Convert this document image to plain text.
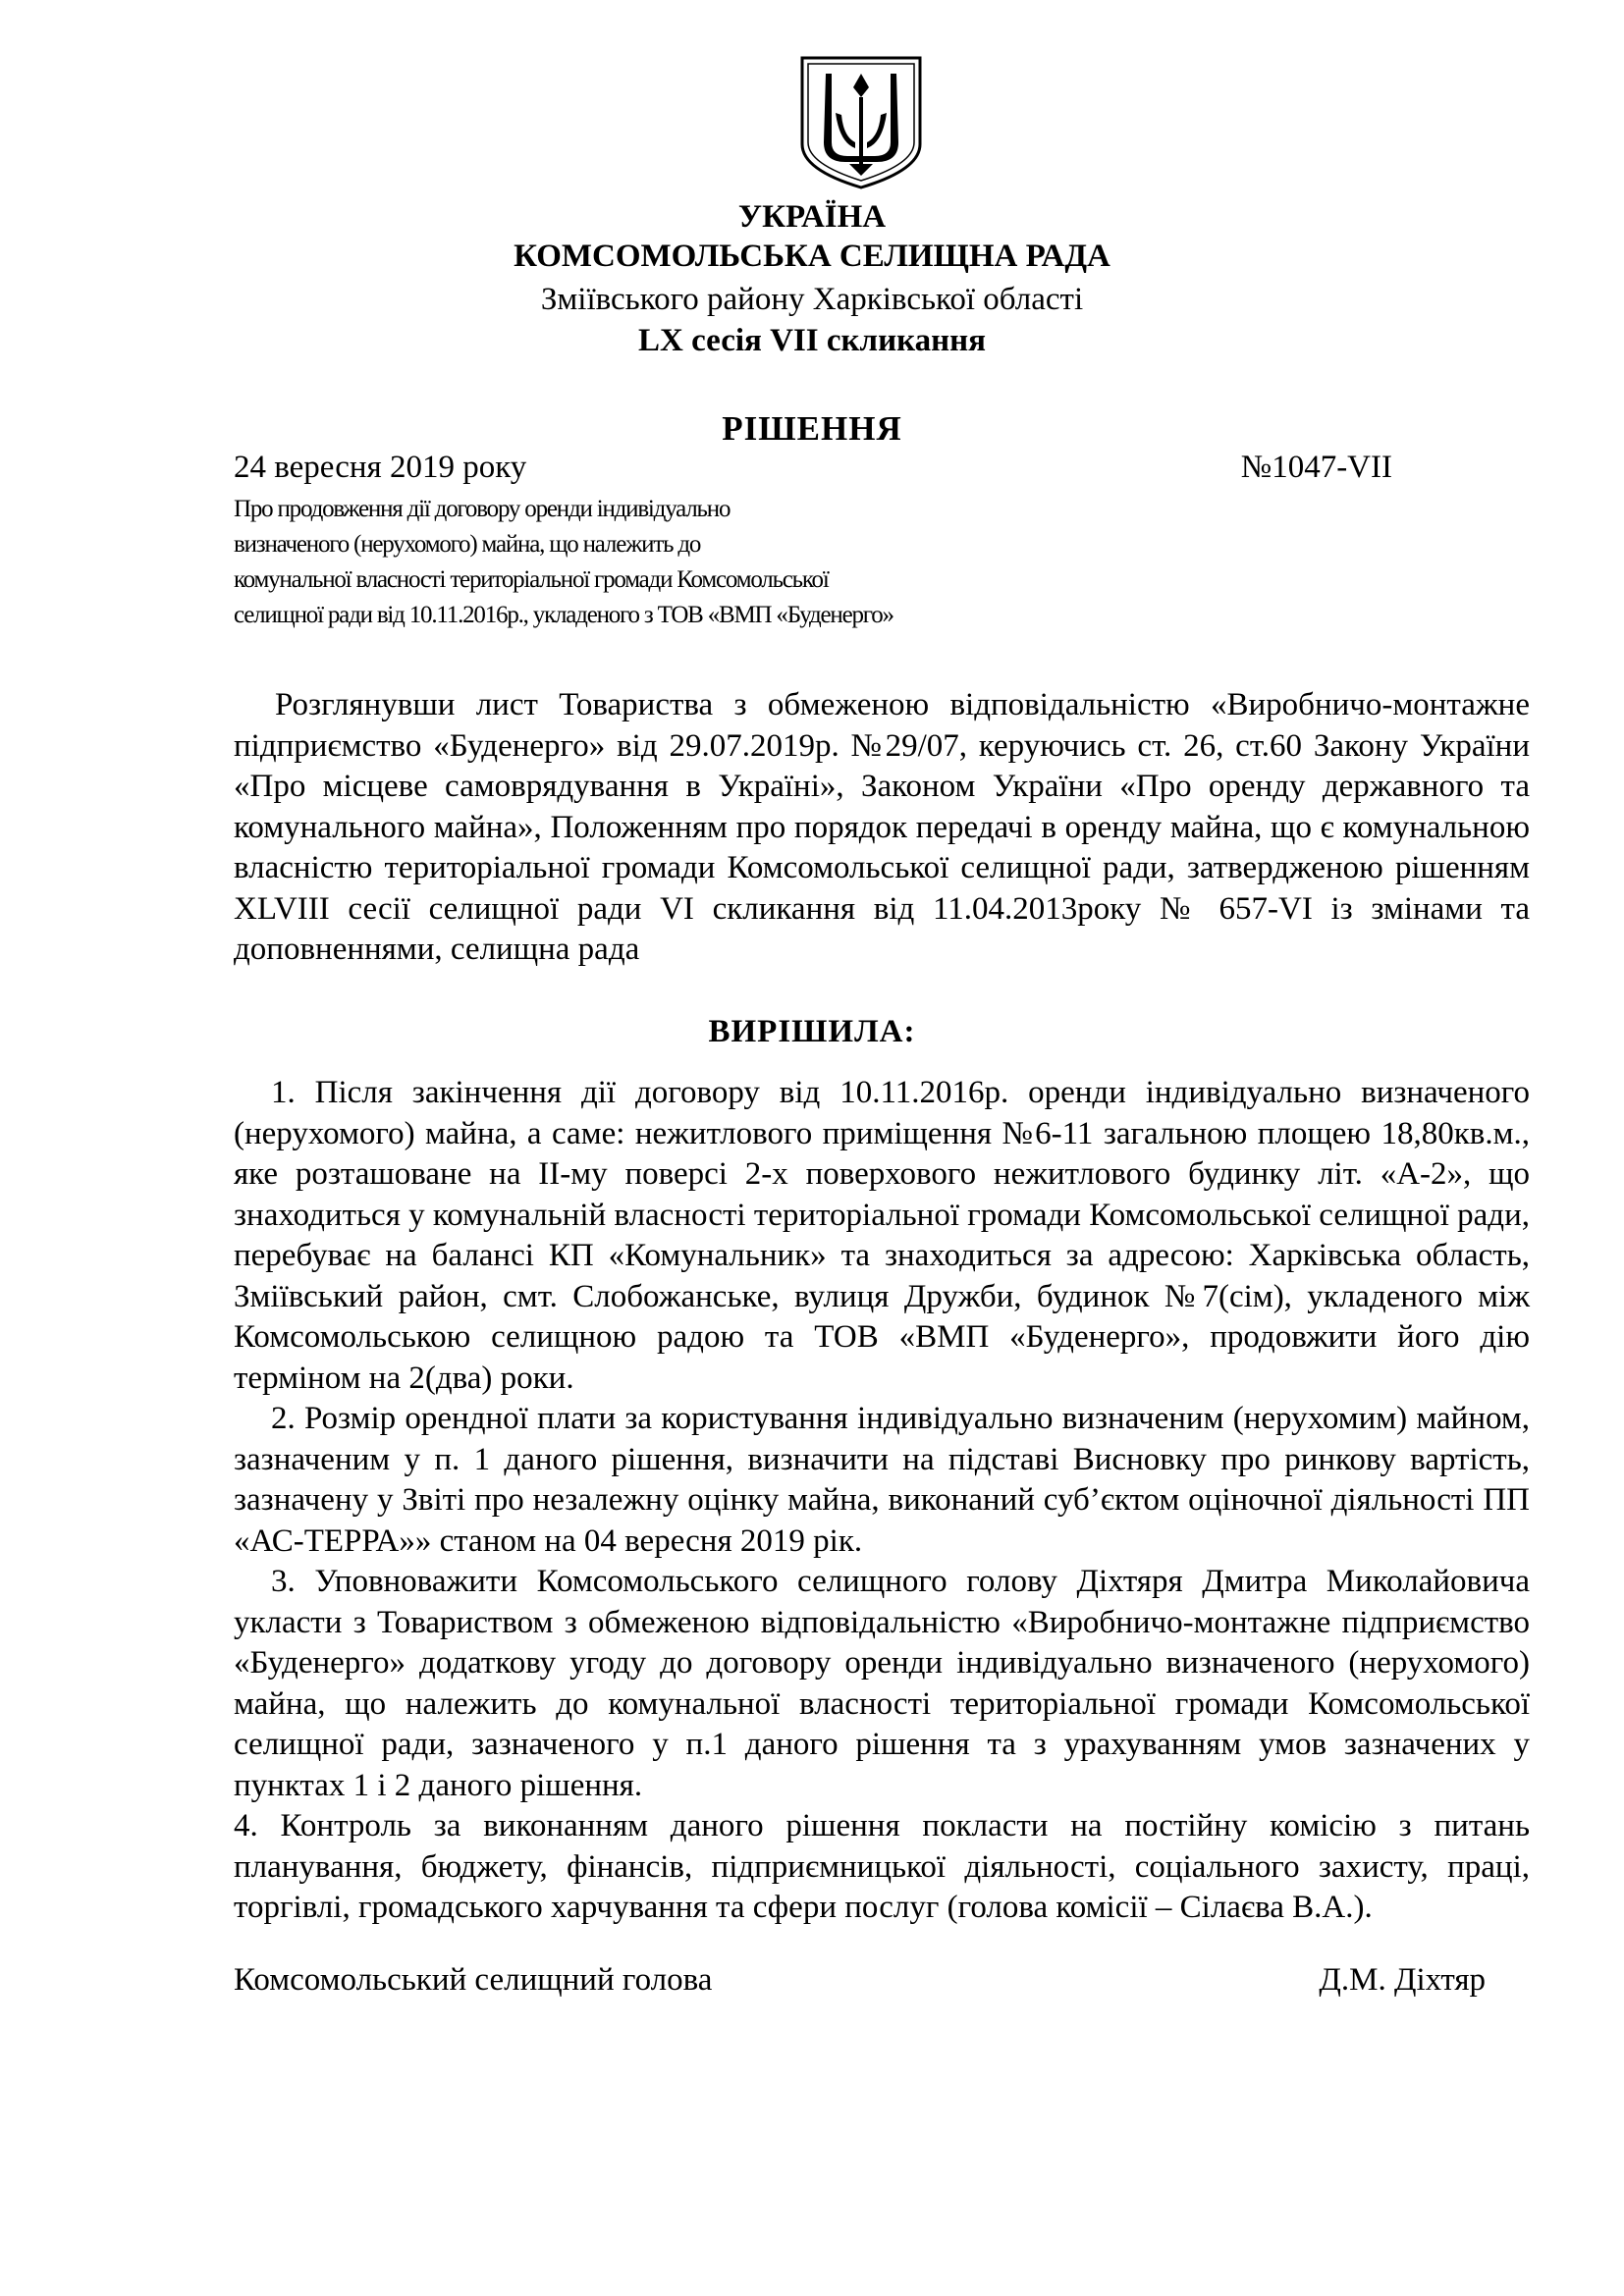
УКРАЇНА
КОМСОМОЛЬСЬКА СЕЛИЩНА РАДА
Зміївського району Харківської області
LX сесія VII скликання
РІШЕННЯ
24 вересня 2019 року	№1047-VII
Про продовження дії договору оренди індивідуально
визначеного (нерухомого) майна, що належить до
комунальної власності територіальної громади Комсомольської
селищної ради від 10.11.2016р., укладеного з ТОВ «ВМП «Буденерго»
Розглянувши лист Товариства з обмеженою відповідальністю «Виробничо-монтажне підприємство «Буденерго» від 29.07.2019р. №29/07, керуючись ст. 26, ст.60 Закону України «Про місцеве самоврядування в Україні», Законом України «Про оренду державного та комунального майна», Положенням про порядок передачі в оренду майна, що є комунальною власністю територіальної громади Комсомольської селищної ради, затвердженою рішенням XLVIII сесії селищної ради VI скликання від 11.04.2013року № 657-VI із змінами та доповненнями, селищна рада
ВИРІШИЛА:

1. Після закінчення дії договору від 10.11.2016р. оренди індивідуально визначеного (нерухомого) майна, а саме: нежитлового приміщення №6-11 загальною площею 18,80кв.м., яке розташоване на ІІ-му поверсі 2-х поверхового нежитлового будинку літ. «А-2», що знаходиться у комунальній власності територіальної громади Комсомольської селищної ради, перебуває на балансі КП «Комунальник» та знаходиться за адресою: Харківська область, Зміївський район, смт. Слобожанське, вулиця Дружби, будинок №7(сім), укладеного між Комсомольською селищною радою та ТОВ «ВМП «Буденерго», продовжити його дію терміном на 2(два) роки.

2. Розмір орендної плати за користування індивідуально визначеним (нерухомим) майном, зазначеним у п. 1 даного рішення, визначити на підставі Висновку про ринкову вартість, зазначену у Звіті про незалежну оцінку майна, виконаний суб’єктом оціночної діяльності ПП «АС-ТЕРРА»» станом на 04 вересня 2019 рік.

3. Уповноважити Комсомольського селищного голову Діхтяря Дмитра Миколайовича укласти з Товариством з обмеженою відповідальністю «Виробничо-монтажне підприємство «Буденерго» додаткову угоду до договору оренди індивідуально визначеного (нерухомого) майна, що належить до комунальної власності територіальної громади Комсомольської селищної ради, зазначеного у п.1 даного рішення та з урахуванням умов зазначених у пунктах 1 і 2 даного рішення.

4. Контроль за виконанням даного рішення покласти на постійну комісію з питань планування, бюджету, фінансів, підприємницької діяльності, соціального захисту, праці, торгівлі, громадського харчування та сфери послуг (голова комісії – Сілаєва В.А.).

Комсомольський селищний голова	Д.М. Діхтяр
